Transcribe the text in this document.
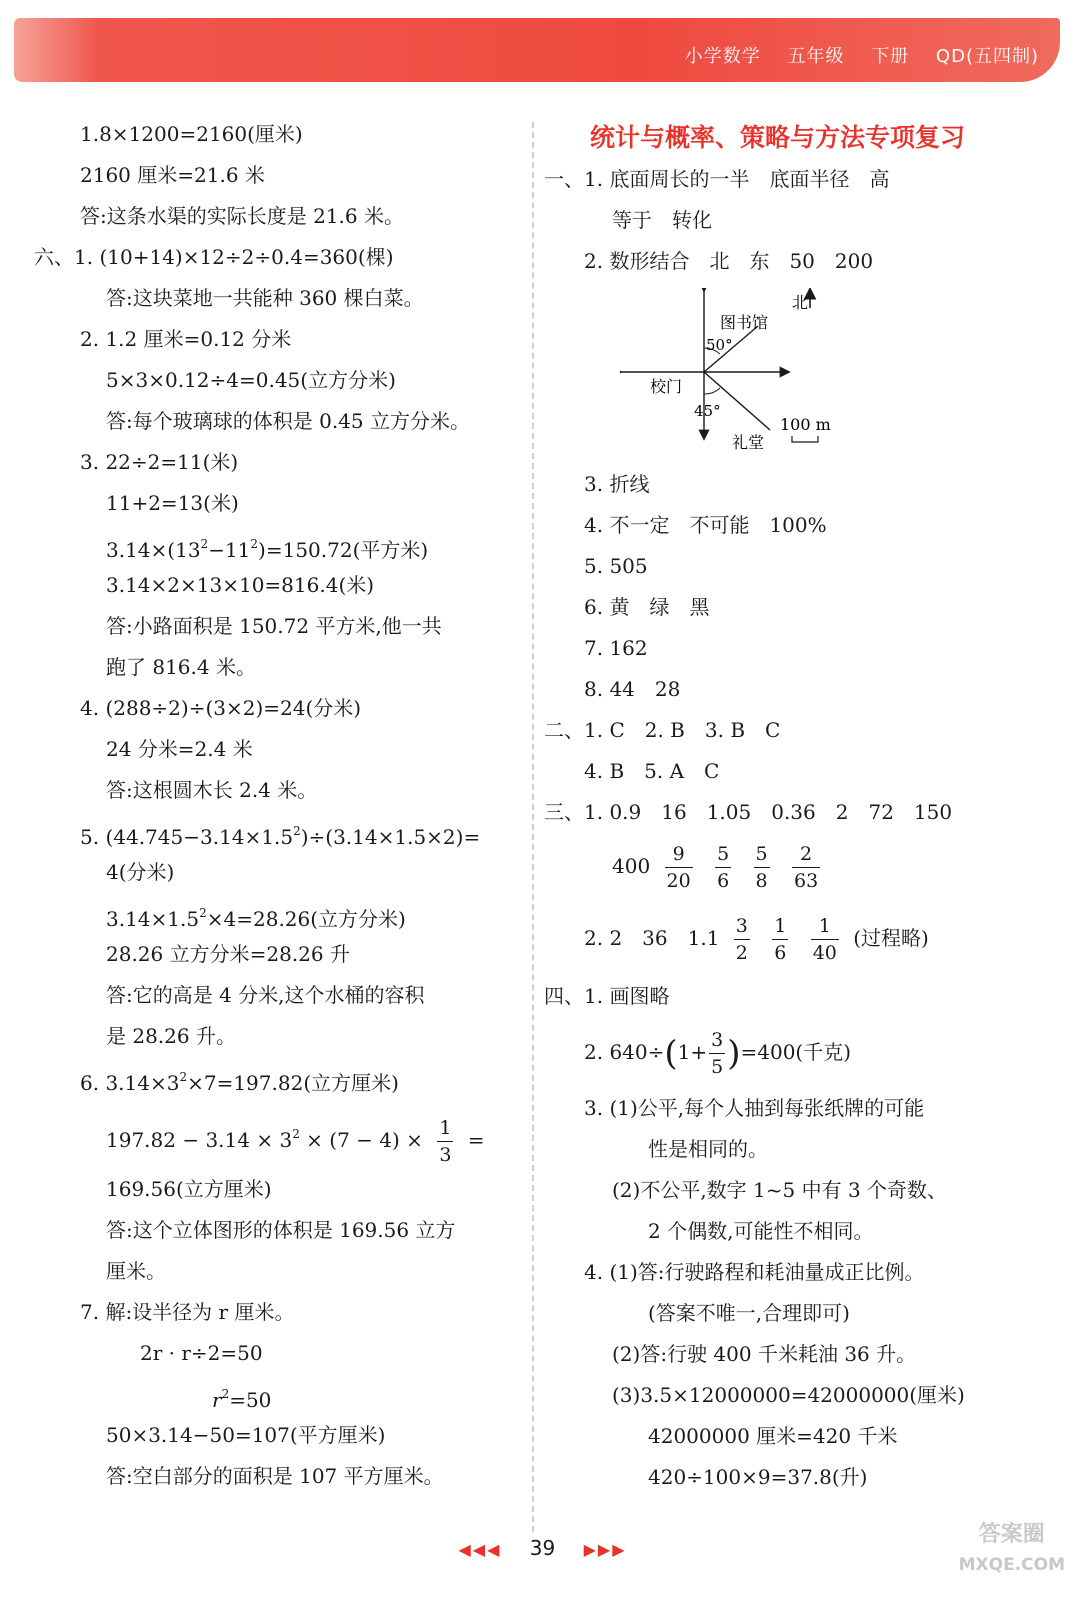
小学数学 五年级 下册 QD(五四制)
1.8×1200=2160(厘米)
2160 厘米=21.6 米
答:这条水渠的实际长度是 21.6 米。
六、1. (10+14)×12÷2÷0.4=360(棵)
答:这块菜地一共能种 360 棵白菜。
2. 1.2 厘米=0.12 分米
5×3×0.12÷4=0.45(立方分米)
答:每个玻璃球的体积是 0.45 立方分米。
3. 22÷2=11(米)
11+2=13(米)
$3.14\times(13^2-11^2)=150.72$(平方米)
3.14×2×13×10=816.4(米)
答:小路面积是 150.72 平方米,他一共
跑了 816.4 米。
4. (288÷2)÷(3×2)=24(分米)
24 分米=2.4 米
答:这根圆木长 2.4 米。
5. $(44.745-3.14\times 1.5^2)\div(3.14\times 1.5\times 2)=$
4(分米)
$3.14\times 1.5^2\times 4=28.26$(立方分米)
28.26 立方分米=28.26 升
答:它的高是 4 分米,这个水桶的容积
是 28.26 升。
6. $3.14\times 3^2\times 7=197.82$(立方厘米)
$197.82 - 3.14 \times 3^2 \times (7 - 4) \times \frac{1}{3}$ =
169.56(立方厘米)
答:这个立体图形的体积是 169.56 立方
厘米。
7. 解:设半径为 r 厘米。
2r · r÷2=50
$r^2=50$
50×3.14−50=107(平方厘米)
答:空白部分的面积是 107 平方厘米。
统计与概率、策略与方法专项复习
一、1. 底面周长的一半　底面半径　高
等于　转化
2. 数形结合　北　东　50　200
北
图书馆
50°
校门
45°
100 m
礼堂
3. 折线
4. 不一定　不可能　100%
5. 505
6. 黄　绿　黑
7. 162
8. 44　28
二、1. C　2. B　3. B　C
4. B　5. A　C
三、1. 0.9　16　1.05　0.36　2　72　150
$400 \frac{9}{20}$
$\frac{5}{6}$
$\frac{5}{8}$
$\frac{2}{63}$
2. 2　36　$1.1 \frac{3}{2}$
$\frac{1}{6}$
$\frac{1}{40}$ (过程略)
四、1. 画图略
2. $640\div(1+ \frac{3}{5} )=400$(千克)
3. (1)公平,每个人抽到每张纸牌的可能
性是相同的。
(2)不公平,数字 1~5 中有 3 个奇数、
2 个偶数,可能性不相同。
4. (1)答:行驶路程和耗油量成正比例。
(答案不唯一,合理即可)
(2)答:行驶 400 千米耗油 36 升。
(3)3.5×12000000=42000000(厘米)
42000000 厘米=420 千米
420÷100×9=37.8(升)
◀◀◀ 39 ▶▶▶
答案圈
MXQE.COM
